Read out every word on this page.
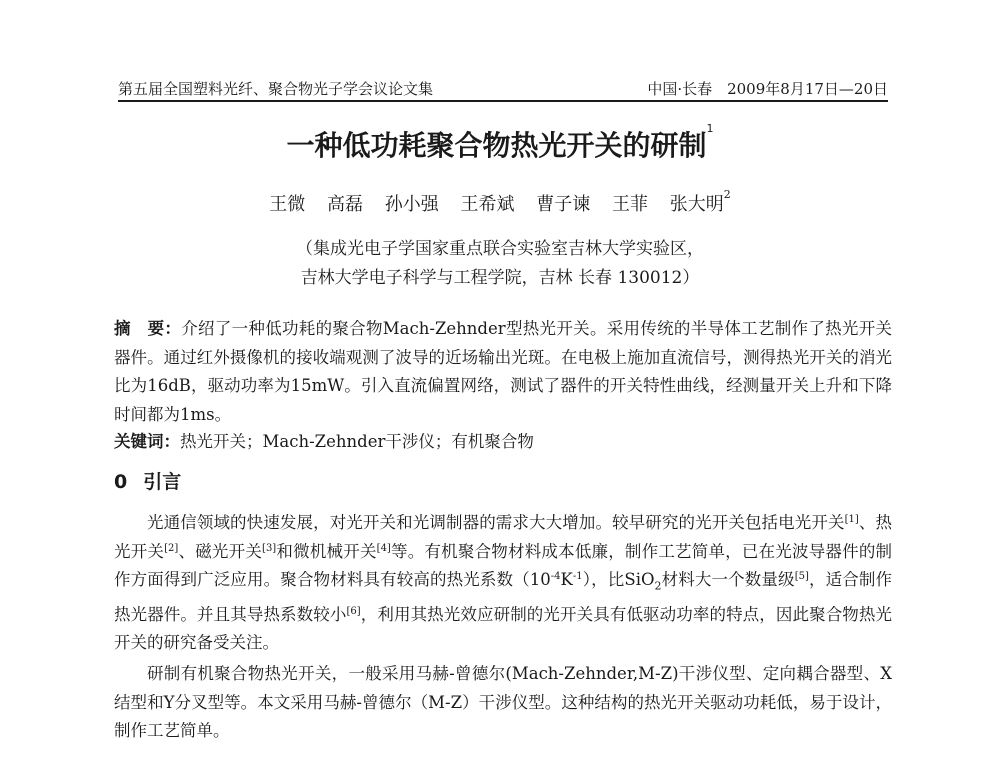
第五届全国塑料光纤、聚合物光子学会议论文集	中国·长春　2009年8月17日—20日
一种低功耗聚合物热光开关的研制$^1$
王微 高磊 孙小强 王希斌 曹子谏 王菲 张大明$^2$
（集成光电子学国家重点联合实验室吉林大学实验区，
吉林大学电子科学与工程学院，吉林 长春 130012）
摘　要：介绍了一种低功耗的聚合物Mach-Zehnder型热光开关。采用传统的半导体工艺制作了热光开关器件。通过红外摄像机的接收端观测了波导的近场输出光斑。在电极上施加直流信号，测得热光开关的消光比为16dB，驱动功率为15mW。引入直流偏置网络，测试了器件的开关特性曲线，经测量开关上升和下降时间都为1ms。
关键词：热光开关；Mach-Zehnder干涉仪；有机聚合物
0 引言
光通信领域的快速发展，对光开关和光调制器的需求大大增加。较早研究的光开关包括电光开关[1]、热光开关[2]、磁光开关[3]和微机械开关[4]等。有机聚合物材料成本低廉，制作工艺简单，已在光波导器件的制作方面得到广泛应用。聚合物材料具有较高的热光系数（10$^{-4}$K$^{-1}$），比SiO$_2$材料大一个数量级[5]，适合制作热光器件。并且其导热系数较小[6]，利用其热光效应研制的光开关具有低驱动功率的特点，因此聚合物热光开关的研究备受关注。
研制有机聚合物热光开关，一般采用马赫-曾德尔(Mach-Zehnder,M-Z)干涉仪型、定向耦合器型、X结型和Y分叉型等。本文采用马赫-曾德尔（M-Z）干涉仪型。这种结构的热光开关驱动功耗低，易于设计，制作工艺简单。
